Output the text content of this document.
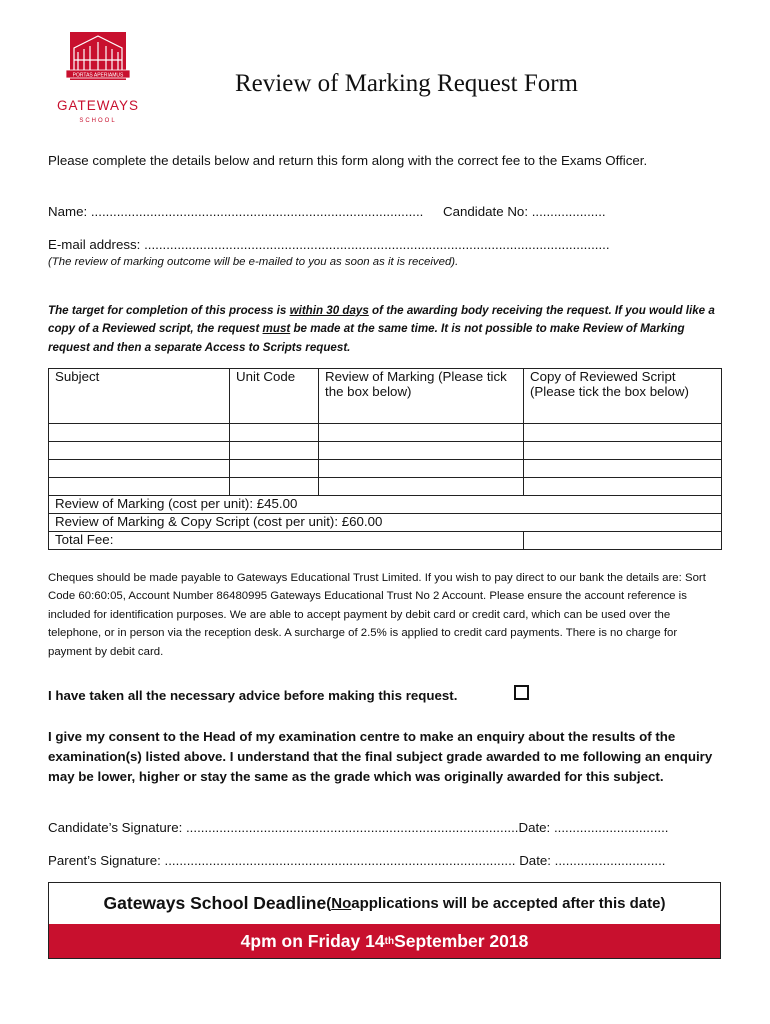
PORTAS APERIAMUS
GATEWAYS
SCHOOL
Review of Marking Request Form
Please complete the details below and return this form along with the correct fee to the Exams Officer.
Name: .......................................................................................... Candidate No: ....................
E-mail address: ..............................................................................................................................
(The review of marking outcome will be e-mailed to you as soon as it is received).
The target for completion of this process is within 30 days of the awarding body receiving the request. If you would like a copy of a Reviewed script, the request must be made at the same time. It is not possible to make Review of Marking request and then a separate Access to Scripts request.
Subject	Unit Code	Review of Marking (Please tick the box below)	Copy of Reviewed Script (Please tick the box below)

Review of Marking (cost per unit): £45.00			
Review of Marking & Copy Script (cost per unit): £60.00			
Total Fee:			
Cheques should be made payable to Gateways Educational Trust Limited. If you wish to pay direct to our bank the details are: Sort Code 60:60:05, Account Number 86480995 Gateways Educational Trust No 2 Account. Please ensure the account reference is included for identification purposes. We are able to accept payment by debit card or credit card, which can be used over the telephone, or in person via the reception desk. A surcharge of 2.5% is applied to credit card payments. There is no charge for payment by debit card.
I have taken all the necessary advice before making this request.
I give my consent to the Head of my examination centre to make an enquiry about the results of the examination(s) listed above. I understand that the final subject grade awarded to me following an enquiry may be lower, higher or stay the same as the grade which was originally awarded for this subject.
Candidate’s Signature: ..........................................................................................Date: ...............................
Parent’s Signature: ............................................................................................... Date: ..............................
Gateways School Deadline ( No applications will be accepted after this date)
4pm on Friday 14 th September 2018
